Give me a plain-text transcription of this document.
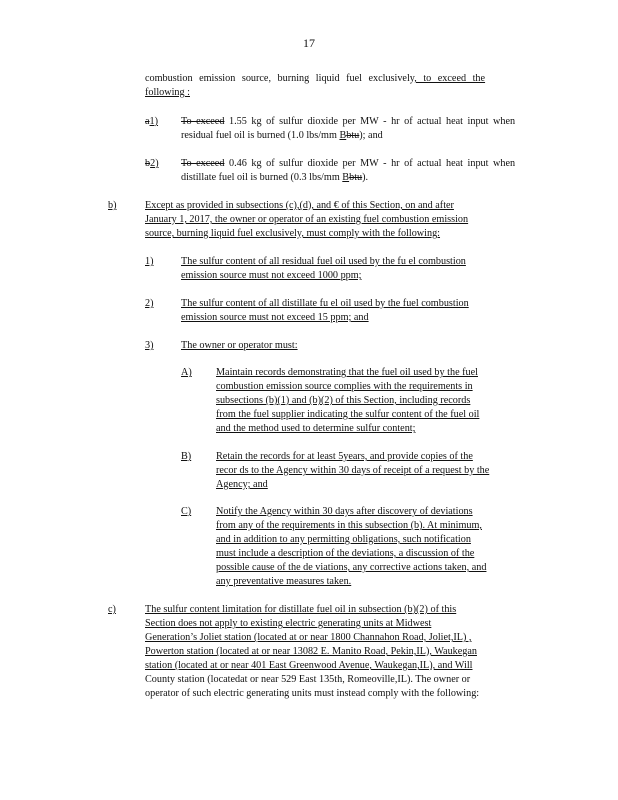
17
combustion emission source, burning liquid fuel exclusively, to exceed the
following :
a1) To exceed 1.55 kg of sulfur dioxide per MW - hr of actual heat input when
residual fuel oil is burned (1.0 lbs/mm Bbtu); and
b2) To exceed 0.46 kg of sulfur dioxide per MW - hr of actual heat input when
distillate fuel oil is burned (0.3 lbs/mm Bbtu).
b)	Except as provided in subsections (c),(d), and € of this Section, on and after
January 1, 2017, the owner or operator of an existing fuel combustion emission
source, burning liquid fuel exclusively, must comply with the following:
1)	The sulfur content of all residual fuel oil used by the fu el combustion
emission source must not exceed 1000 ppm;
2)	The sulfur content of all distillate fu el oil used by the fuel combustion
emission source must not exceed 15 ppm; and
3)	The owner or operator must:
A) Maintain records demonstrating that the fuel oil used by the fuel
combustion emission source complies with the requirements in
subsections (b)(1) and (b)(2) of this Section, including records
from the fuel supplier indicating the sulfur content of the fuel oil
and the method used to determine sulfur content;
B) Retain the records for at least 5years, and provide copies of the
recor ds to the Agency within 30 days of receipt of a request by the
Agency; and
C) Notify the Agency within 30 days after discovery of deviations
from any of the requirements in this subsection (b). At minimum,
and in addition to any permitting obligations, such notification
must include a description of the deviations, a discussion of the
possible cause of the de viations, any corrective actions taken, and
any preventative measures taken.
c)	The sulfur content limitation for distillate fuel oil in subsection (b)(2) of this
Section does not apply to existing electric generating units at Midwest
Generation’s Joliet station (located at or near 1800 Channahon Road, Joliet,IL) ,
Powerton station (located at or near 13082 E. Manito Road, Pekin,IL), Waukegan
station (located at or near 401 East Greenwood Avenue, Waukegan,IL), and Will
County station (locatedat or near 529 East 135th, Romeoville,IL). The owner or
operator of such electric generating units must instead comply with the following:
